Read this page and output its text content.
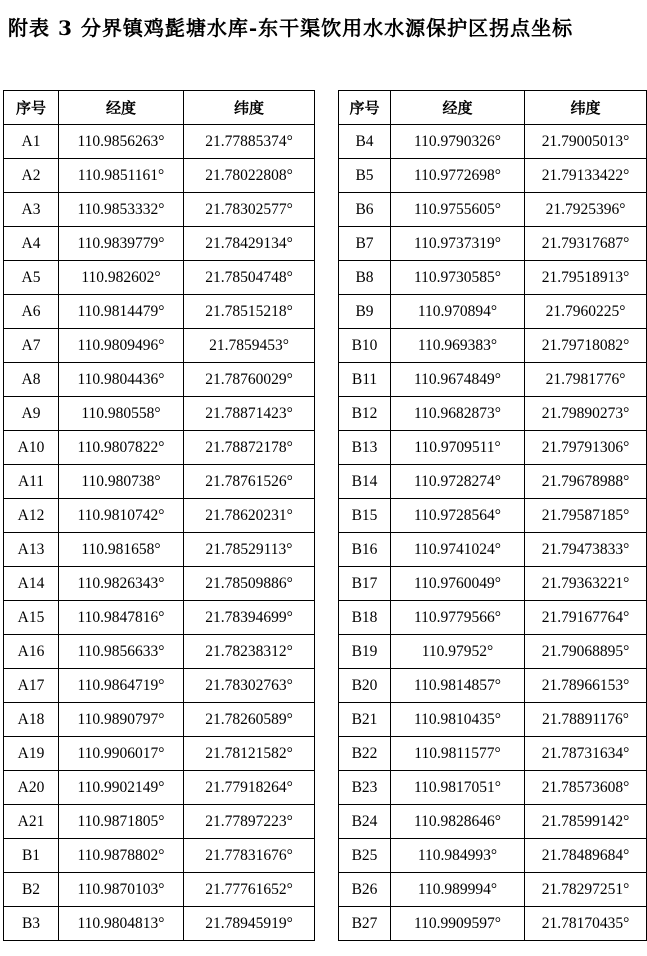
附表 3 分界镇鸡髭塘水库-东干渠饮用水水源保护区拐点坐标
序号	经度	纬度
A1	110.9856263°	21.77885374°
A2	110.9851161°	21.78022808°
A3	110.9853332°	21.78302577°
A4	110.9839779°	21.78429134°
A5	110.982602°	21.78504748°
A6	110.9814479°	21.78515218°
A7	110.9809496°	21.7859453°
A8	110.9804436°	21.78760029°
A9	110.980558°	21.78871423°
A10	110.9807822°	21.78872178°
A11	110.980738°	21.78761526°
A12	110.9810742°	21.78620231°
A13	110.981658°	21.78529113°
A14	110.9826343°	21.78509886°
A15	110.9847816°	21.78394699°
A16	110.9856633°	21.78238312°
A17	110.9864719°	21.78302763°
A18	110.9890797°	21.78260589°
A19	110.9906017°	21.78121582°
A20	110.9902149°	21.77918264°
A21	110.9871805°	21.77897223°
B1	110.9878802°	21.77831676°
B2	110.9870103°	21.77761652°
B3	110.9804813°	21.78945919°
序号	经度	纬度
B4	110.9790326°	21.79005013°
B5	110.9772698°	21.79133422°
B6	110.9755605°	21.7925396°
B7	110.9737319°	21.79317687°
B8	110.9730585°	21.79518913°
B9	110.970894°	21.7960225°
B10	110.969383°	21.79718082°
B11	110.9674849°	21.7981776°
B12	110.9682873°	21.79890273°
B13	110.9709511°	21.79791306°
B14	110.9728274°	21.79678988°
B15	110.9728564°	21.79587185°
B16	110.9741024°	21.79473833°
B17	110.9760049°	21.79363221°
B18	110.9779566°	21.79167764°
B19	110.97952°	21.79068895°
B20	110.9814857°	21.78966153°
B21	110.9810435°	21.78891176°
B22	110.9811577°	21.78731634°
B23	110.9817051°	21.78573608°
B24	110.9828646°	21.78599142°
B25	110.984993°	21.78489684°
B26	110.989994°	21.78297251°
B27	110.9909597°	21.78170435°
